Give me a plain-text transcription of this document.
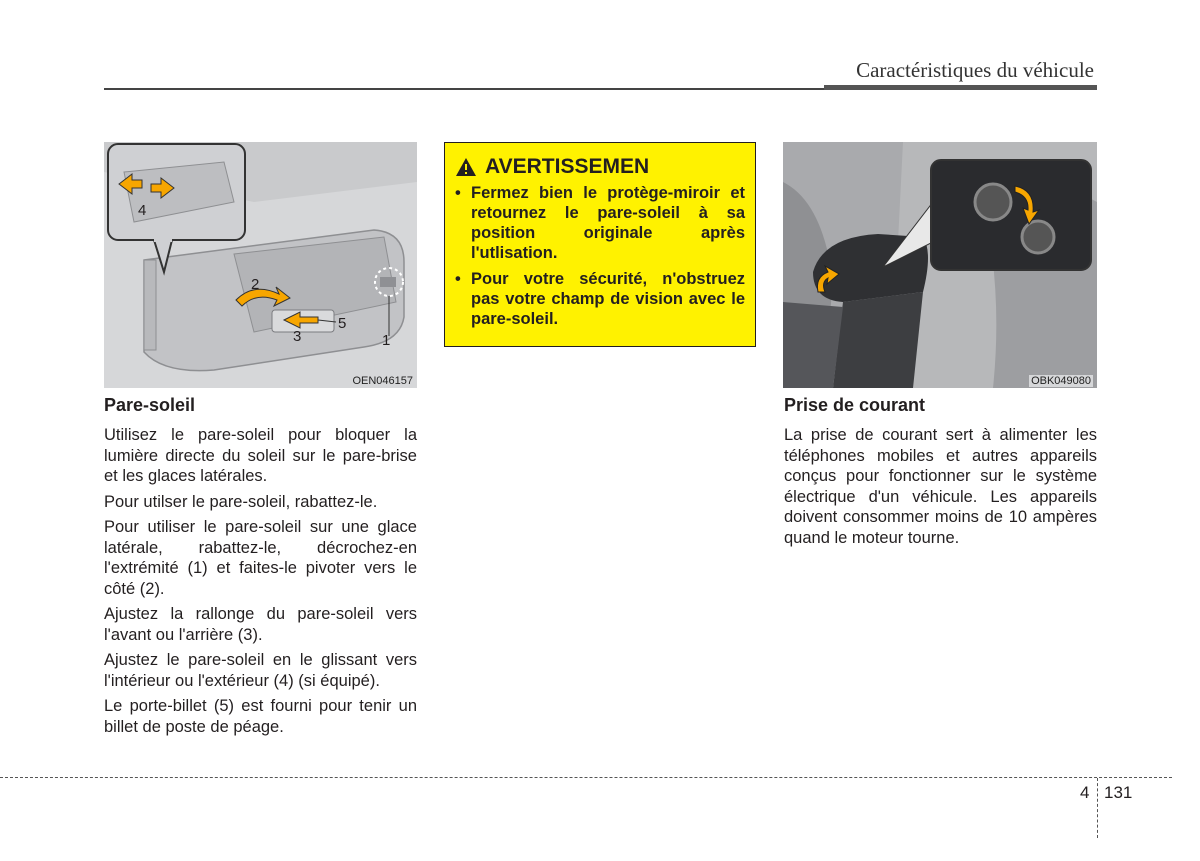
Caractéristiques du véhicule
4
2
3
5
1
OEN046157
Pare-soleil

Utilisez le pare-soleil pour bloquer la lumière directe du soleil sur le pare-brise et les glaces latérales.

Pour utilser le pare-soleil, rabattez-le.

Pour utiliser le pare-soleil sur une glace latérale, rabattez-le, décrochez-en l'extrémité (1) et faites-le pivoter vers le côté (2).

Ajustez la rallonge du pare-soleil vers l'avant ou l'arrière (3).

Ajustez le pare-soleil en le glissant vers l'intérieur ou l'extérieur (4) (si équipé).

Le porte-billet (5) est fourni pour tenir un billet de poste de péage.

AVERTISSEMEN
• Fermez bien le protège-miroir et retournez le pare-soleil à sa position originale après l'utlisation.
• Pour votre sécurité, n'obstruez pas votre champ de vision avec le pare-soleil.
OBK049080
Prise de courant

La prise de courant sert à alimenter les téléphones mobiles et autres appareils conçus pour fonctionner sur le système électrique d'un véhicule. Les appareils doivent consommer moins de 10 ampères quand le moteur tourne.

4 131
